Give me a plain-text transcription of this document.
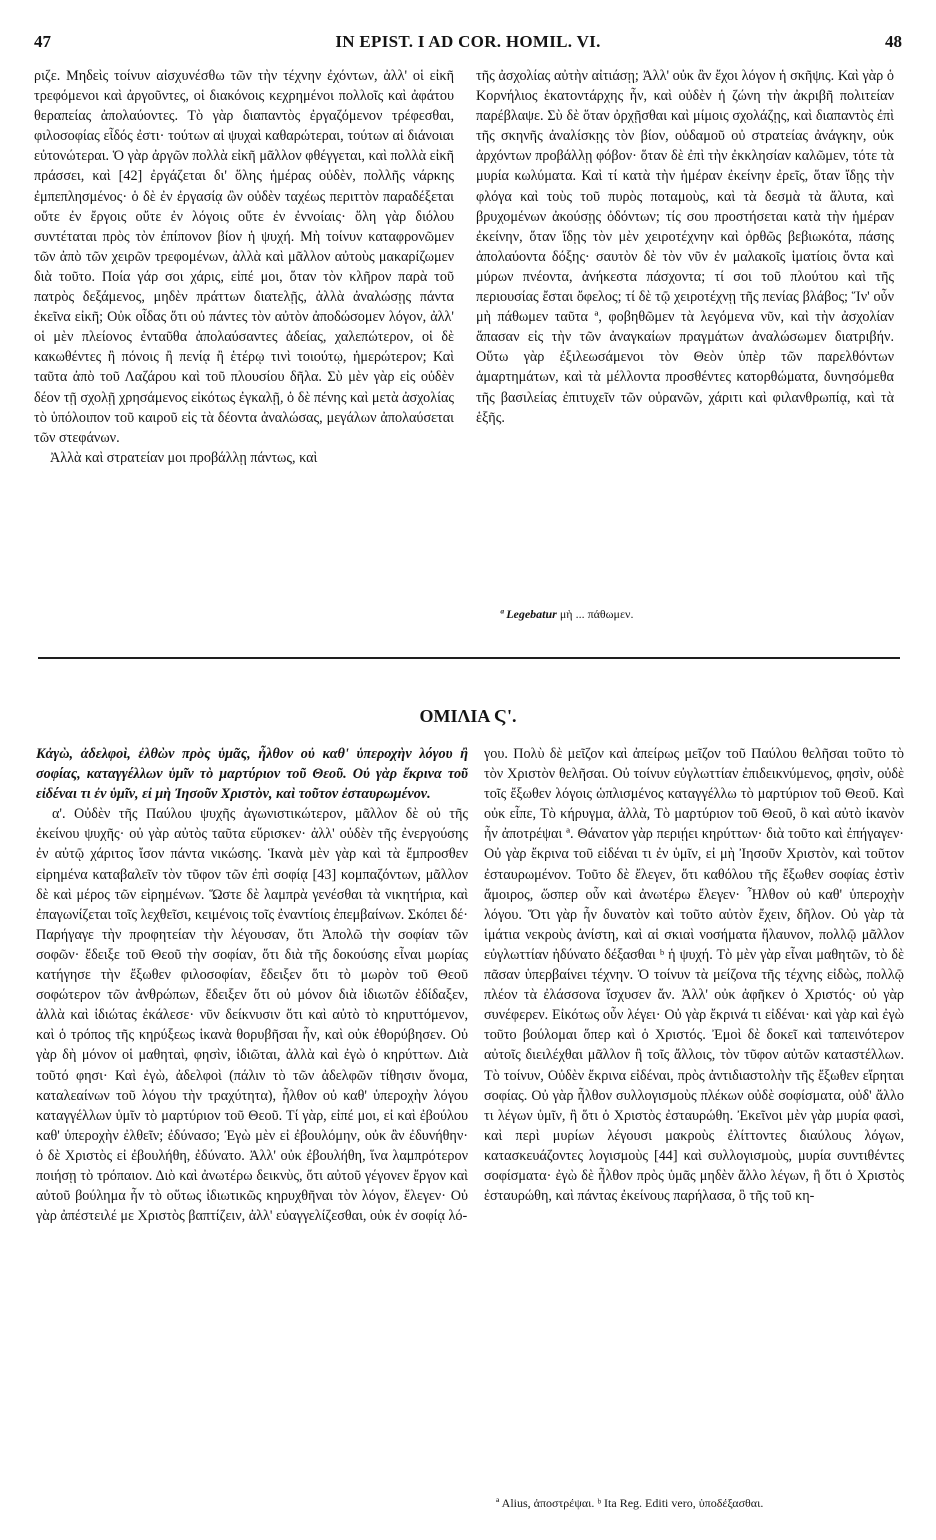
47	IN EPIST. I AD COR. HOMIL. VI.	48

ριζε. Μηδεὶς τοίνυν αἰσχυνέσθω τῶν τὴν τέχνην ἐχόντων, ἀλλ' οἱ εἰκῆ τρεφόμενοι καὶ ἀργοῦντες, οἱ διακόνοις κεχρημένοι πολλοῖς καὶ ἀφάτου θεραπείας ἀπολαύοντες. Τὸ γὰρ διαπαντὸς ἐργαζόμενον τρέφεσθαι, φιλοσοφίας εἶδός ἐστι· τούτων αἱ ψυχαὶ καθαρώτεραι, τούτων αἱ διάνοιαι εὐτονώτεραι. Ὁ γὰρ ἀργῶν πολλὰ εἰκῆ μᾶλλον φθέγγεται, καὶ πολλὰ εἰκῆ πράσσει, καὶ [42] ἐργάζεται δι' ὅλης ἡμέρας οὐδὲν, πολλῆς νάρκης ἐμπεπλησμένος· ὁ δὲ ἐν ἐργασίᾳ ὢν οὐδὲν ταχέως περιττὸν παραδέξεται οὔτε ἐν ἔργοις οὔτε ἐν λόγοις οὔτε ἐν ἐννοίαις· ὅλη γὰρ διόλου συντέταται πρὸς τὸν ἐπίπονον βίον ἡ ψυχή. Μὴ τοίνυν καταφρονῶμεν τῶν ἀπὸ τῶν χειρῶν τρεφομένων, ἀλλὰ καὶ μᾶλλον αὐτοὺς μακαρίζωμεν διὰ τοῦτο. Ποία γάρ σοι χάρις, εἰπέ μοι, ὅταν τὸν κλῆρον παρὰ τοῦ πατρὸς δεξάμενος, μηδὲν πράττων διατελῇς, ἀλλὰ ἀναλώσῃς πάντα ἐκεῖνα εἰκῆ; Οὐκ οἶδας ὅτι οὐ πάντες τὸν αὐτὸν ἀποδώσομεν λόγον, ἀλλ' οἱ μὲν πλείονος ἐνταῦθα ἀπολαύσαντες ἀδείας, χαλεπώτερον, οἱ δὲ κακωθέντες ἢ πόνοις ἢ πενίᾳ ἢ ἑτέρῳ τινὶ τοιούτῳ, ἡμερώτερον; Καὶ ταῦτα ἀπὸ τοῦ Λαζάρου καὶ τοῦ πλουσίου δῆλα. Σὺ μὲν γὰρ εἰς οὐδὲν δέον τῇ σχολῇ χρησάμενος εἰκότως ἐγκαλῇ, ὁ δὲ πένης καὶ μετὰ ἀσχολίας τὸ ὑπόλοιπον τοῦ καιροῦ εἰς τὰ δέοντα ἀναλώσας, μεγάλων ἀπολαύσεται τῶν στεφάνων.

Ἀλλὰ καὶ στρατείαν μοι προβάλλῃ πάντως, καὶ

τῆς ἀσχολίας αὐτὴν αἰτιάσῃ; Ἀλλ' οὐκ ἂν ἔχοι λόγον ἡ σκῆψις. Καὶ γὰρ ὁ Κορνήλιος ἑκατοντάρχης ἦν, καὶ οὐδὲν ἡ ζώνη τὴν ἀκριβῆ πολιτείαν παρέβλαψε. Σὺ δὲ ὅταν ὀρχῇσθαι καὶ μίμοις σχολάζῃς, καὶ διαπαντὸς ἐπὶ τῆς σκηνῆς ἀναλίσκῃς τὸν βίον, οὐδαμοῦ οὐ στρατείας ἀνάγκην, οὐκ ἀρχόντων προβάλλῃ φόβον· ὅταν δὲ ἐπὶ τὴν ἐκκλησίαν καλῶμεν, τότε τὰ μυρία κωλύματα. Καὶ τί κατὰ τὴν ἡμέραν ἐκείνην ἐρεῖς, ὅταν ἴδῃς τὴν φλόγα καὶ τοὺς τοῦ πυρὸς ποταμοὺς, καὶ τὰ δεσμὰ τὰ ἄλυτα, καὶ βρυχομένων ἀκούσῃς ὀδόντων; τίς σου προστήσεται κατὰ τὴν ἡμέραν ἐκείνην, ὅταν ἴδῃς τὸν μὲν χειροτέχνην καὶ ὀρθῶς βεβιωκότα, πάσης ἀπολαύοντα δόξης· σαυτὸν δὲ τὸν νῦν ἐν μαλακοῖς ἱματίοις ὄντα καὶ μύρων πνέοντα, ἀνήκεστα πάσχοντα; τί σοι τοῦ πλούτου καὶ τῆς περιουσίας ἔσται ὄφελος; τί δὲ τῷ χειροτέχνῃ τῆς πενίας βλάβος; Ἵν' οὖν μὴ πάθωμεν ταῦτα ª, φοβηθῶμεν τὰ λεγόμενα νῦν, καὶ τὴν ἀσχολίαν ἅπασαν εἰς τὴν τῶν ἀναγκαίων πραγμάτων ἀναλώσωμεν διατριβήν. Οὕτω γὰρ ἐξιλεωσάμενοι τὸν Θεὸν ὑπὲρ τῶν παρελθόντων ἁμαρτημάτων, καὶ τὰ μέλλοντα προσθέντες κατορθώματα, δυνησόμεθα τῆς βασιλείας ἐπιτυχεῖν τῶν οὐρανῶν, χάριτι καὶ φιλανθρωπίᾳ, καὶ τὰ ἑξῆς.

ª Legebatur μὴ ... πάθωμεν.
ΟΜΙΛΙΑ Ϛ'.

Κἀγὼ, ἀδελφοὶ, ἐλθὼν πρὸς ὑμᾶς, ἦλθον οὐ καθ' ὑπεροχὴν λόγου ἢ σοφίας, καταγγέλλων ὑμῖν τὸ μαρτύριον τοῦ Θεοῦ. Οὐ γὰρ ἔκρινα τοῦ εἰδέναι τι ἐν ὑμῖν, εἰ μὴ Ἰησοῦν Χριστὸν, καὶ τοῦτον ἐσταυρωμένον.

α'. Οὐδὲν τῆς Παύλου ψυχῆς ἀγωνιστικώτερον, μᾶλλον δὲ οὐ τῆς ἐκείνου ψυχῆς· οὐ γὰρ αὐτὸς ταῦτα εὕρισκεν· ἀλλ' οὐδὲν τῆς ἐνεργούσης ἐν αὐτῷ χάριτος ἴσον πάντα νικώσης. Ἱκανὰ μὲν γὰρ καὶ τὰ ἔμπροσθεν εἰρημένα καταβαλεῖν τὸν τῦφον τῶν ἐπὶ σοφίᾳ [43] κομπαζόντων, μᾶλλον δὲ καὶ μέρος τῶν εἰρημένων. Ὥστε δὲ λαμπρὰ γενέσθαι τὰ νικητήρια, καὶ ἐπαγωνίζεται τοῖς λεχθεῖσι, κειμένοις τοῖς ἐναντίοις ἐπεμβαίνων. Σκόπει δέ· Παρήγαγε τὴν προφητείαν τὴν λέγουσαν, ὅτι Ἀπολῶ τὴν σοφίαν τῶν σοφῶν· ἔδειξε τοῦ Θεοῦ τὴν σοφίαν, ὅτι διὰ τῆς δοκούσης εἶναι μωρίας κατήγησε τὴν ἔξωθεν φιλοσοφίαν, ἔδειξεν ὅτι τὸ μωρὸν τοῦ Θεοῦ σοφώτερον τῶν ἀνθρώπων, ἔδειξεν ὅτι οὐ μόνον διὰ ἰδιωτῶν ἐδίδαξεν, ἀλλὰ καὶ ἰδιώτας ἐκάλεσε· νῦν δείκνυσιν ὅτι καὶ αὐτὸ τὸ κηρυττόμενον, καὶ ὁ τρόπος τῆς κηρύξεως ἱκανὰ θορυβῆσαι ἦν, καὶ οὐκ ἐθορύβησεν. Οὐ γὰρ δὴ μόνον οἱ μαθηταὶ, φησὶν, ἰδιῶται, ἀλλὰ καὶ ἐγὼ ὁ κηρύττων. Διὰ τοῦτό φησι· Καὶ ἐγὼ, ἀδελφοὶ (πάλιν τὸ τῶν ἀδελφῶν τίθησιν ὄνομα, καταλεαίνων τοῦ λόγου τὴν τραχύτητα), ἦλθον οὐ καθ' ὑπεροχὴν λόγου καταγγέλλων ὑμῖν τὸ μαρτύριον τοῦ Θεοῦ. Τί γὰρ, εἰπέ μοι, εἰ καὶ ἐβούλου καθ' ὑπεροχὴν ἐλθεῖν; ἐδύνασο; Ἐγὼ μὲν εἰ ἐβουλόμην, οὐκ ἂν ἐδυνήθην· ὁ δὲ Χριστὸς εἰ ἐβουλήθη, ἐδύνατο. Ἀλλ' οὐκ ἐβουλήθη, ἵνα λαμπρότερον ποιήσῃ τὸ τρόπαιον. Διὸ καὶ ἀνωτέρω δεικνὺς, ὅτι αὐτοῦ γέγονεν ἔργον καὶ αὐτοῦ βούλημα ἦν τὸ οὕτως ἰδιωτικῶς κηρυχθῆναι τὸν λόγον, ἔλεγεν· Οὐ γὰρ ἀπέστειλέ με Χριστὸς βαπτίζειν, ἀλλ' εὐαγγελίζεσθαι, οὐκ ἐν σοφίᾳ λό-

γου. Πολὺ δὲ μεῖζον καὶ ἀπείρως μεῖζον τοῦ Παύλου θελῆσαι τοῦτο τὸ τὸν Χριστὸν θελῆσαι. Οὐ τοίνυν εὐγλωττίαν ἐπιδεικνύμενος, φησὶν, οὐδὲ τοῖς ἔξωθεν λόγοις ὡπλισμένος καταγγέλλω τὸ μαρτύριον τοῦ Θεοῦ. Καὶ οὐκ εἶπε, Τὸ κήρυγμα, ἀλλὰ, Τὸ μαρτύριον τοῦ Θεοῦ, ὃ καὶ αὐτὸ ἱκανὸν ἦν ἀποτρέψαι ª. Θάνατον γὰρ περιῄει κηρύττων· διὰ τοῦτο καὶ ἐπήγαγεν· Οὐ γὰρ ἔκρινα τοῦ εἰδέναι τι ἐν ὑμῖν, εἰ μὴ Ἰησοῦν Χριστὸν, καὶ τοῦτον ἐσταυρωμένον. Τοῦτο δὲ ἔλεγεν, ὅτι καθόλου τῆς ἔξωθεν σοφίας ἐστὶν ἄμοιρος, ὥσπερ οὖν καὶ ἀνωτέρω ἔλεγεν· Ἦλθον οὐ καθ' ὑπεροχὴν λόγου. Ὅτι γὰρ ἦν δυνατὸν καὶ τοῦτο αὐτὸν ἔχειν, δῆλον. Οὐ γὰρ τὰ ἱμάτια νεκροὺς ἀνίστη, καὶ αἱ σκιαὶ νοσήματα ἤλαυνον, πολλῷ μᾶλλον εὐγλωττίαν ἠδύνατο δέξασθαι ᵇ ἡ ψυχή. Τὸ μὲν γὰρ εἶναι μαθητῶν, τὸ δὲ πᾶσαν ὑπερβαίνει τέχνην. Ὁ τοίνυν τὰ μείζονα τῆς τέχνης εἰδὼς, πολλῷ πλέον τὰ ἐλάσσονα ἴσχυσεν ἄν. Ἀλλ' οὐκ ἀφῆκεν ὁ Χριστός· οὐ γὰρ συνέφερεν. Εἰκότως οὖν λέγει· Οὐ γὰρ ἔκρινά τι εἰδέναι· καὶ γὰρ καὶ ἐγὼ τοῦτο βούλομαι ὅπερ καὶ ὁ Χριστός. Ἐμοὶ δὲ δοκεῖ καὶ ταπεινότερον αὐτοῖς διειλέχθαι μᾶλλον ἢ τοῖς ἄλλοις, τὸν τῦφον αὐτῶν καταστέλλων. Τὸ τοίνυν, Οὐδὲν ἔκρινα εἰδέναι, πρὸς ἀντιδιαστολὴν τῆς ἔξωθεν εἴρηται σοφίας. Οὐ γὰρ ἦλθον συλλογισμοὺς πλέκων οὐδὲ σοφίσματα, οὐδ' ἄλλο τι λέγων ὑμῖν, ἢ ὅτι ὁ Χριστὸς ἐσταυρώθη. Ἐκεῖνοι μὲν γὰρ μυρία φασὶ, καὶ περὶ μυρίων λέγουσι μακροὺς ἐλίττοντες διαύλους λόγων, κατασκευάζοντες λογισμοὺς [44] καὶ συλλογισμοὺς, μυρία συντιθέντες σοφίσματα· ἐγὼ δὲ ἦλθον πρὸς ὑμᾶς μηδὲν ἄλλο λέγων, ἢ ὅτι ὁ Χριστὸς ἐσταυρώθη, καὶ πάντας ἐκείνους παρήλασα, ὃ τῆς τοῦ κη-

ª Alius, ἀποστρέψαι. ᵇ Ita Reg. Editi vero, ὑποδέξασθαι.
